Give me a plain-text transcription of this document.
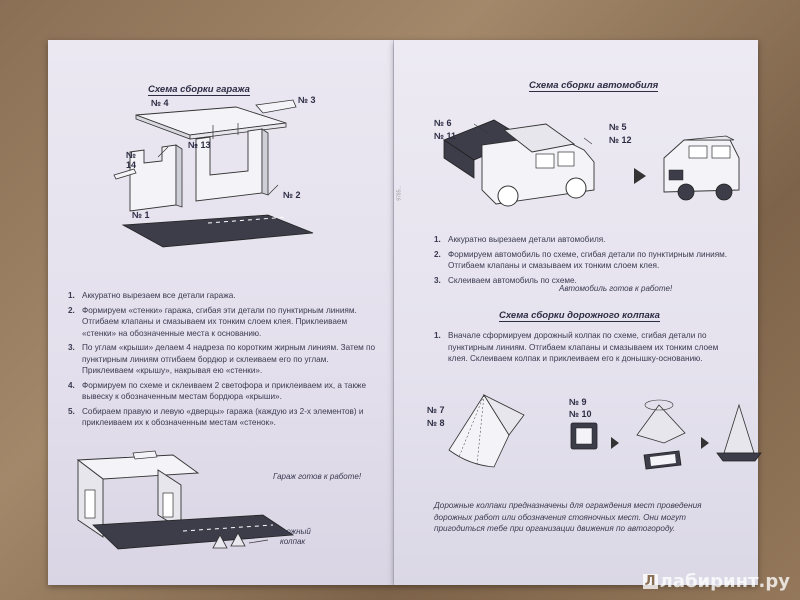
Схема сборки гаража
№ 4	№ 3
№ 13
№ 14
№ 1
№ 2
1. Аккуратно вырезаем все детали гаража.
2. Формируем «стенки» гаража, сгибая эти детали по пунктирным линиям. Отгибаем клапаны и смазываем их тонким слоем клея. Приклеиваем «стенки» на обозначенные места к основанию.
3. По углам «крыши» делаем 4 надреза по коротким жирным линиям. Затем по пунктирным линиям отгибаем бордюр и склеиваем его по углам. Приклеиваем «крышу», накрывая ею «стенки».
4. Формируем по схеме и склеиваем 2 светофора и приклеиваем их, а также вывеску к обозначенным местам бордюра «крыши».
5. Собираем правую и левую «дверцы» гаража (каждую из 2-х элементов) и приклеиваем их к обозначенным местам «стенок».
Гараж готов к работе!
дорожный
колпак
9785...
Схема сборки автомобиля
№ 6
№ 11
№ 5
№ 12
1. Аккуратно вырезаем детали автомобиля.
2. Формируем автомобиль по схеме, сгибая детали по пунктирным линиям. Отгибаем клапаны и смазываем их тонким слоем клея.
3. Склеиваем автомобиль по схеме.
Автомобиль готов к работе!
Схема сборки дорожного колпака
1. Вначале сформируем дорожный колпак по схеме, сгибая детали по пунктирным линиям. Отгибаем клапаны и смазываем их тонким слоем клея. Склеиваем колпак и приклеиваем его к донышку-основанию.
№ 7
№ 8
№ 9
№ 10
Дорожные колпаки предназначены для ограждения мест проведения дорожных работ или обозначения стояночных мест. Они могут пригодиться тебе при организации движения по автогороду.
Л лабиринт.ру
